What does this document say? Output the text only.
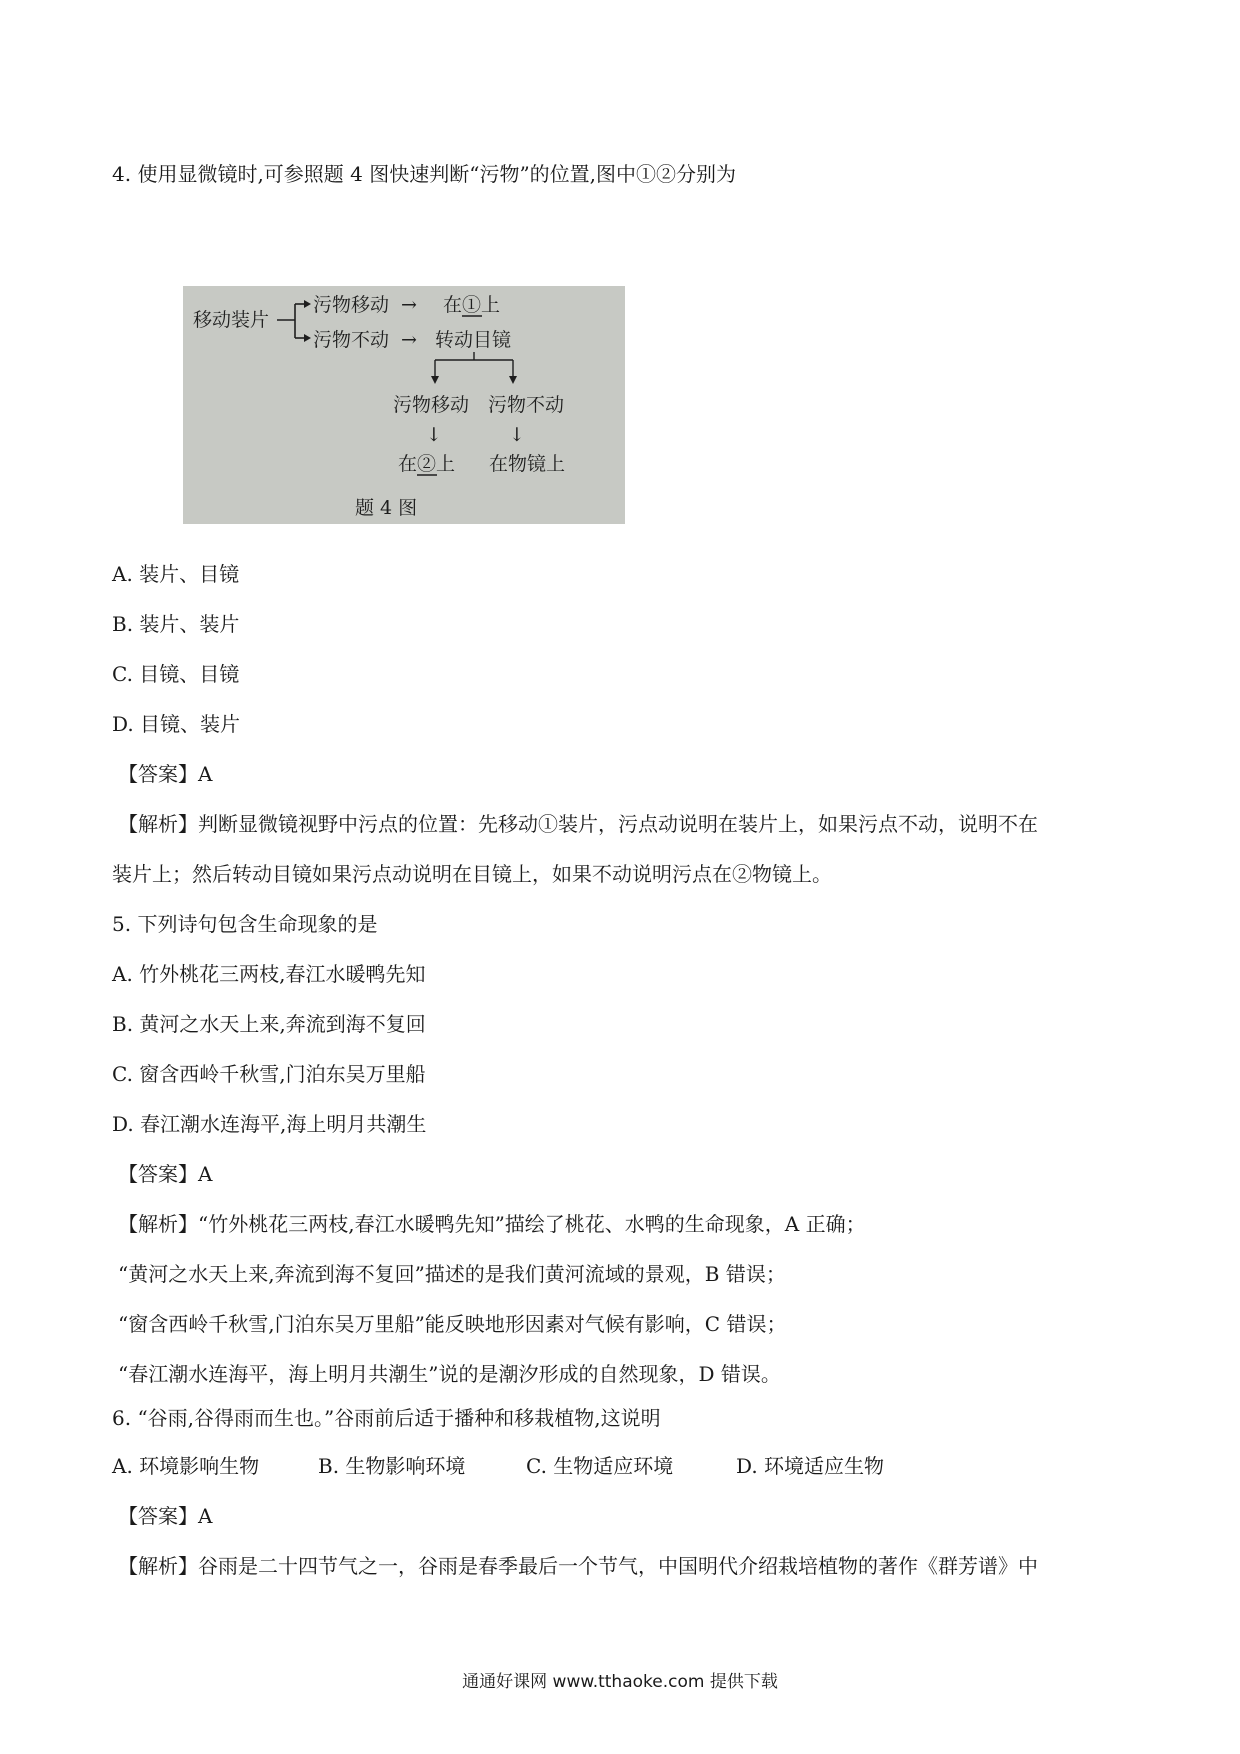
4. 使用显微镜时,可参照题 4 图快速判断“污物”的位置,图中①②分别为
移动装片
污物移动 → 在①上
污物不动 → 转动目镜
污物移动 污物不动
↓	↓
在②上 在物镜上
题 4 图
A. 装片、目镜
B. 装片、装片
C. 目镜、目镜
D. 目镜、装片
【答案】A
【解析】判断显微镜视野中污点的位置：先移动①装片，污点动说明在装片上，如果污点不动，说明不在
装片上；然后转动目镜如果污点动说明在目镜上，如果不动说明污点在②物镜上。
5. 下列诗句包含生命现象的是
A. 竹外桃花三两枝,春江水暖鸭先知
B. 黄河之水天上来,奔流到海不复回
C. 窗含西岭千秋雪,门泊东吴万里船
D. 春江潮水连海平,海上明月共潮生
【答案】A
【解析】“竹外桃花三两枝,春江水暖鸭先知”描绘了桃花、水鸭的生命现象，A 正确；
“黄河之水天上来,奔流到海不复回”描述的是我们黄河流域的景观，B 错误；
“窗含西岭千秋雪,门泊东吴万里船”能反映地形因素对气候有影响，C 错误；
“春江潮水连海平，海上明月共潮生”说的是潮汐形成的自然现象，D 错误。
6. “谷雨,谷得雨而生也。”谷雨前后适于播种和移栽植物,这说明
A. 环境影响生物	B. 生物影响环境	C. 生物适应环境	D. 环境适应生物
【答案】A
【解析】谷雨是二十四节气之一，谷雨是春季最后一个节气，中国明代介绍栽培植物的著作《群芳谱》中
通通好课网 www.tthaoke.com 提供下载
